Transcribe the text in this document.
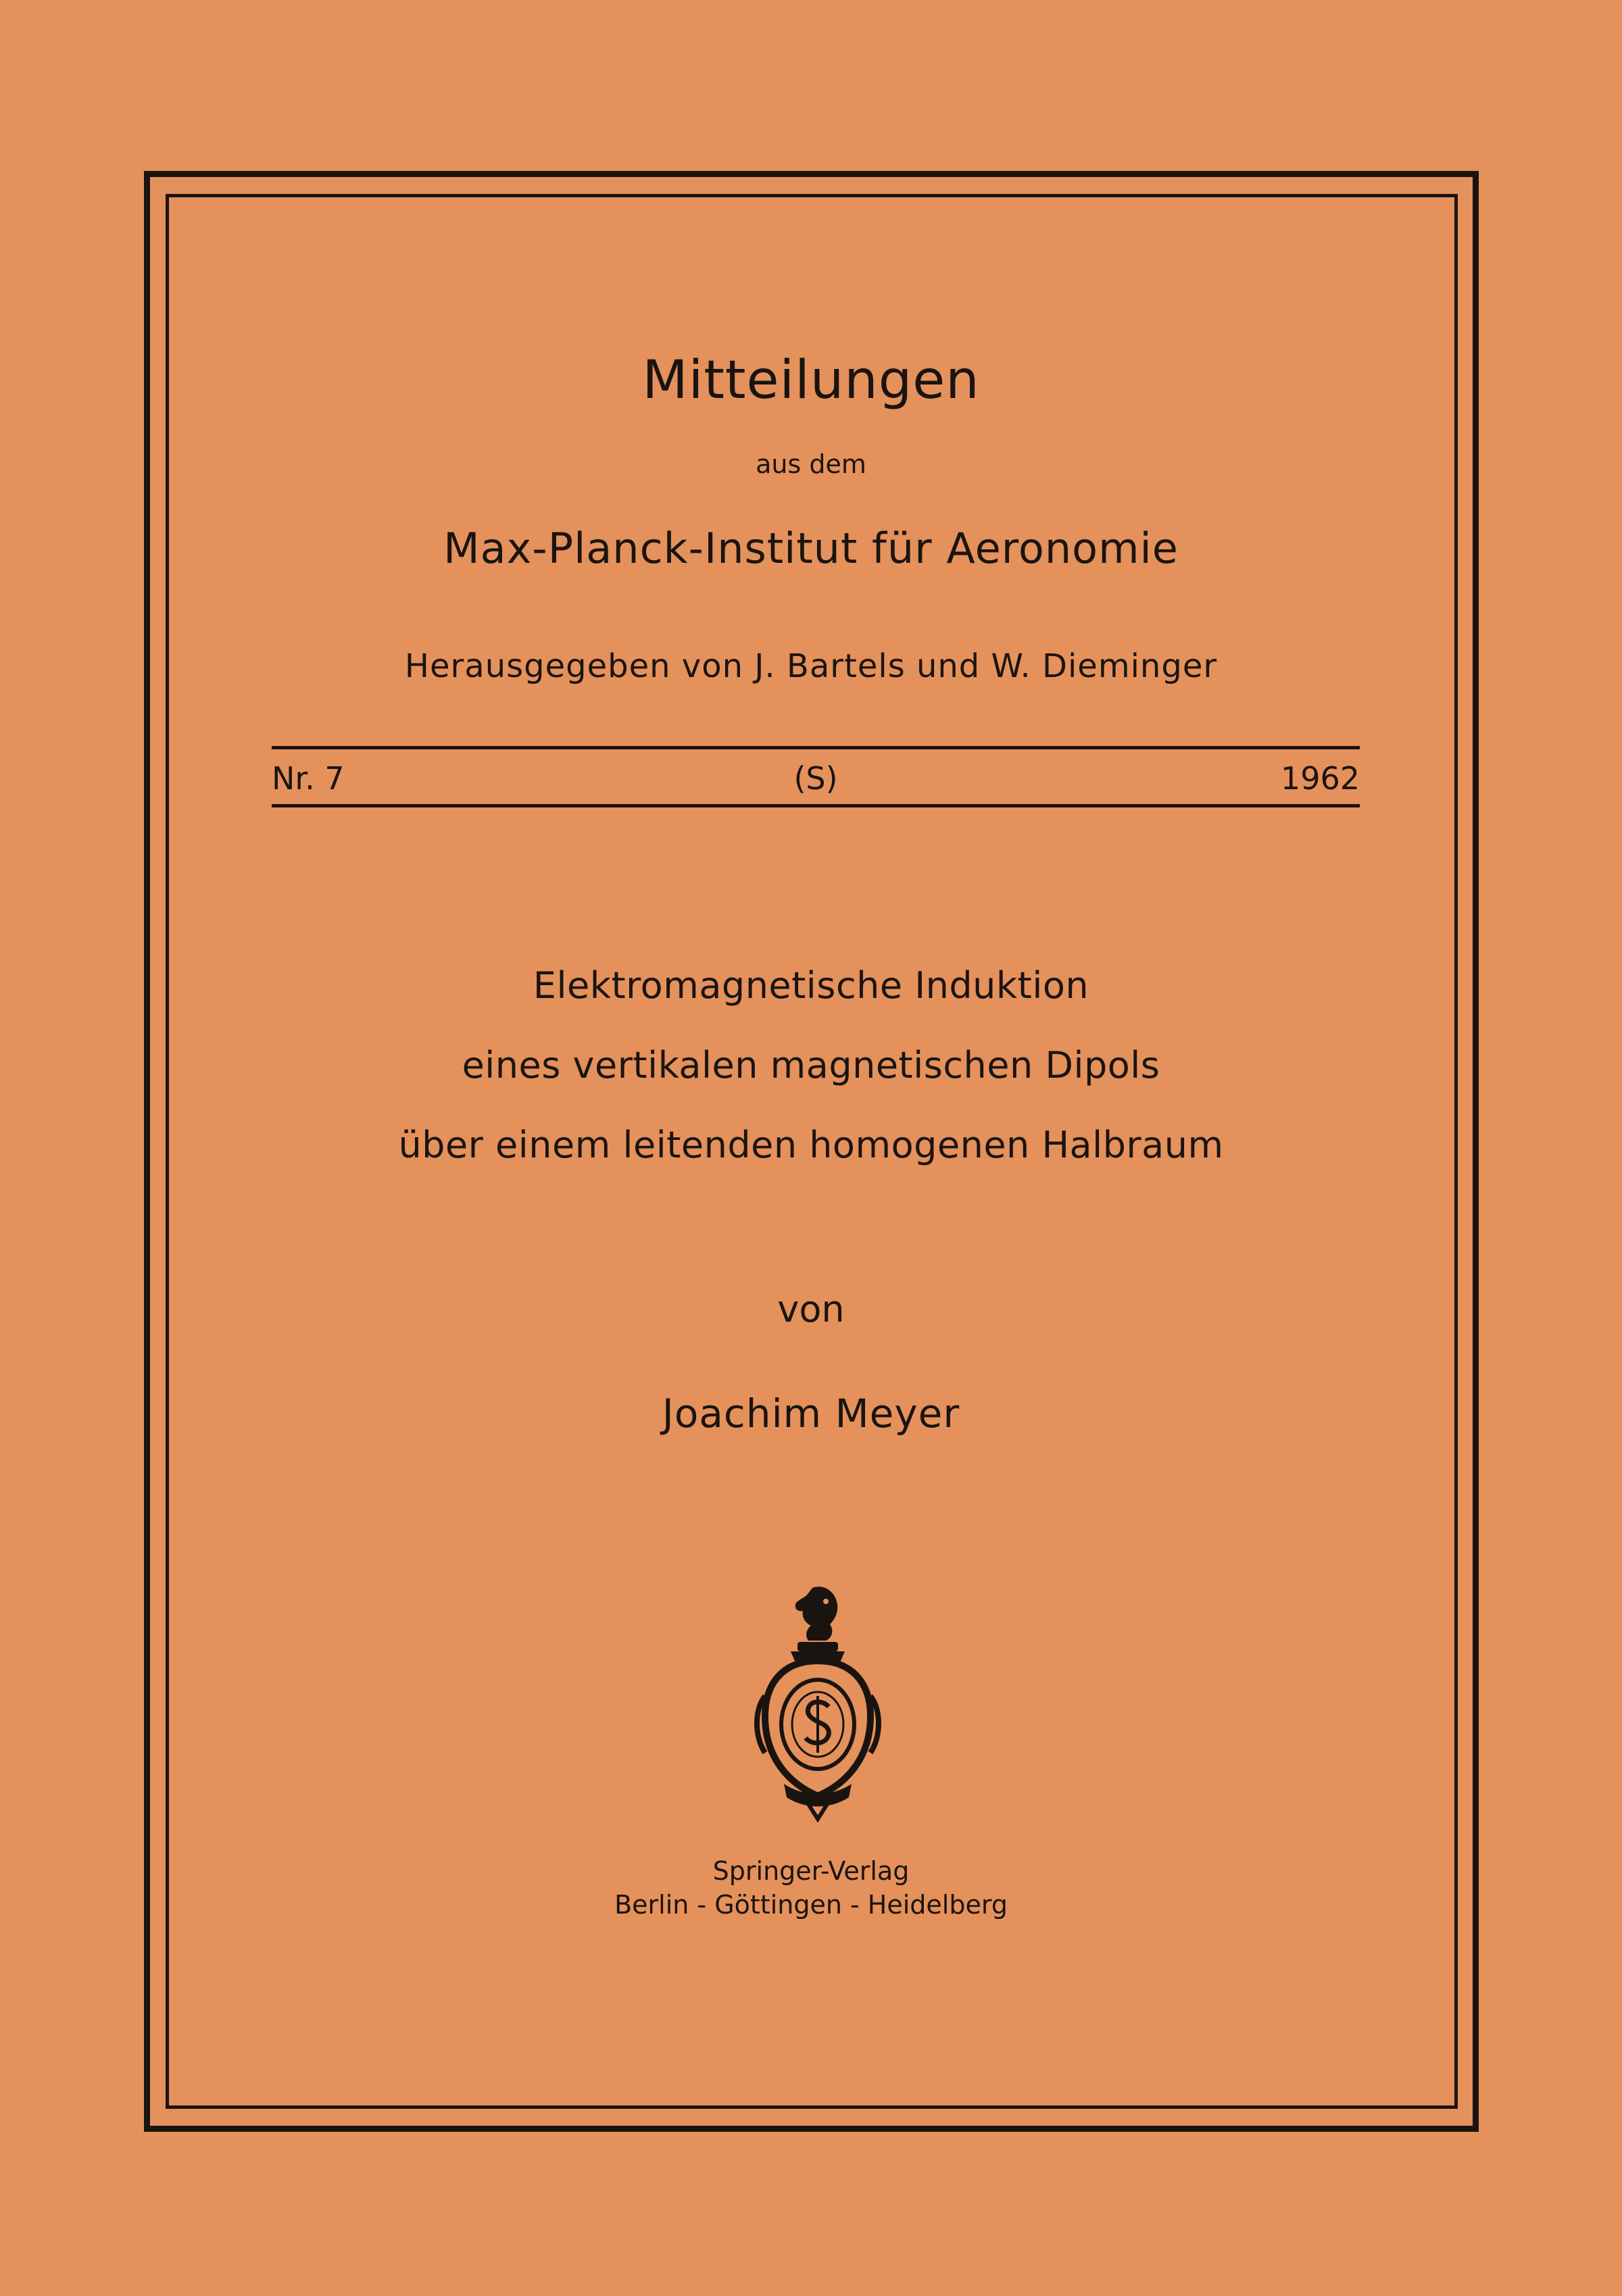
Mitteilungen
aus dem
Max-Planck-Institut für Aeronomie
Herausgegeben von J. Bartels und W. Dieminger
Nr. 7	(S)	1962
Elektromagnetische Induktion
eines vertikalen magnetischen Dipols
über einem leitenden homogenen Halbraum
von
Joachim Meyer
Springer-Verlag
Berlin - Göttingen - Heidelberg
